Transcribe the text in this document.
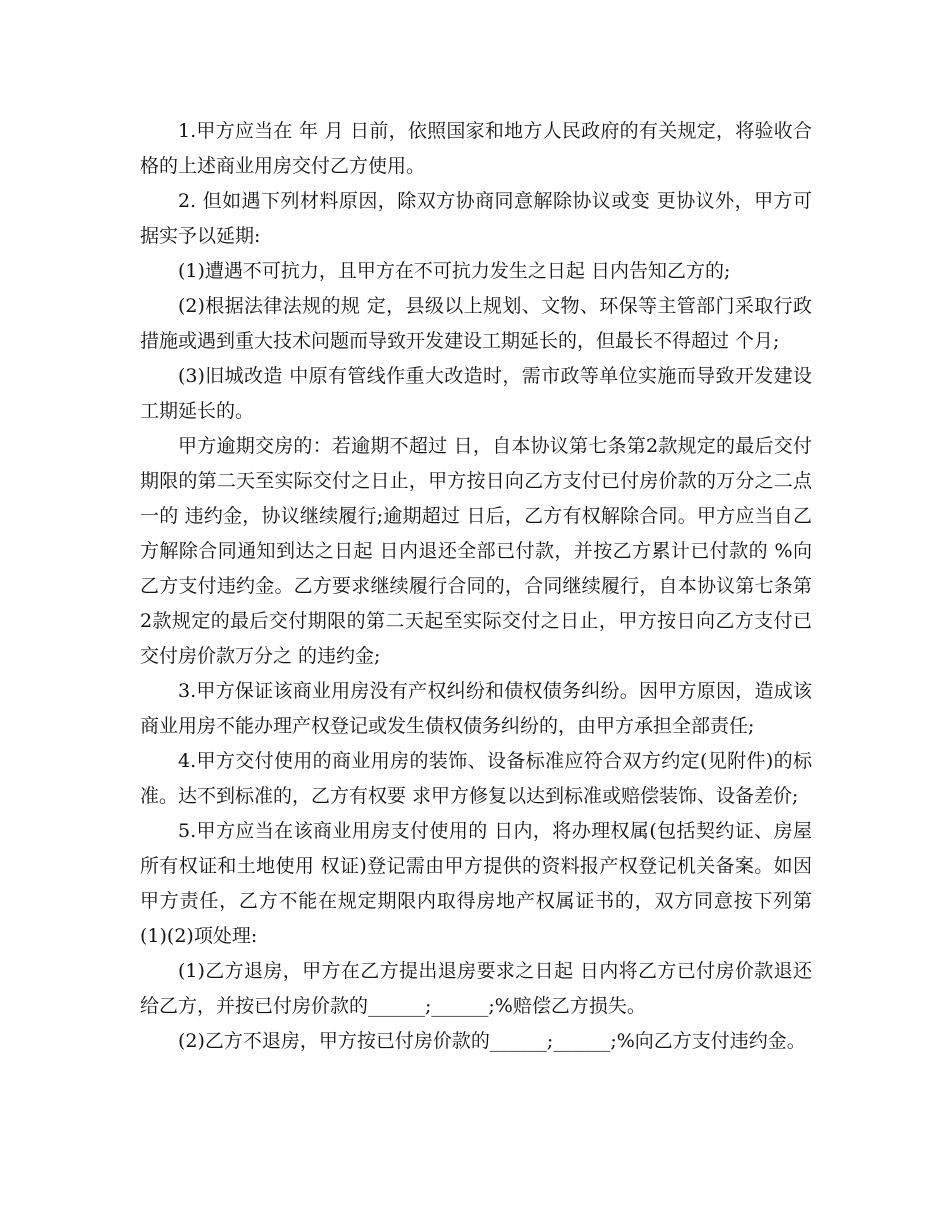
1.甲方应当在 年 月 日前，依照国家和地方人民政府的有关规定，将验收合格的上述商业用房交付乙方使用。

2. 但如遇下列材料原因，除双方协商同意解除协议或变 更协议外，甲方可据实予以延期:

(1)遭遇不可抗力，且甲方在不可抗力发生之日起 日内告知乙方的;

(2)根据法律法规的规 定，县级以上规划、文物、环保等主管部门采取行政措施或遇到重大技术问题而导致开发建设工期延长的，但最长不得超过 个月;

(3)旧城改造 中原有管线作重大改造时，需市政等单位实施而导致开发建设工期延长的。

甲方逾期交房的：若逾期不超过 日，自本协议第七条第2款规定的最后交付期限的第二天至实际交付之日止，甲方按日向乙方支付已付房价款的万分之二点一的 违约金，协议继续履行;逾期超过 日后，乙方有权解除合同。甲方应当自乙方解除合同通知到达之日起 日内退还全部已付款，并按乙方累计已付款的 %向乙方支付违约金。乙方要求继续履行合同的，合同继续履行，自本协议第七条第2款规定的最后交付期限的第二天起至实际交付之日止，甲方按日向乙方支付已 交付房价款万分之 的违约金;

3.甲方保证该商业用房没有产权纠纷和债权债务纠纷。因甲方原因，造成该商业用房不能办理产权登记或发生债权债务纠纷的，由甲方承担全部责任;

4.甲方交付使用的商业用房的装饰、设备标准应符合双方约定(见附件)的标准。达不到标准的，乙方有权要 求甲方修复以达到标准或赔偿装饰、设备差价;

5.甲方应当在该商业用房支付使用的 日内，将办理权属(包括契约证、房屋所有权证和土地使用 权证)登记需由甲方提供的资料报产权登记机关备案。如因甲方责任，乙方不能在规定期限内取得房地产权属证书的，双方同意按下列第(1)(2)项处理:

(1)乙方退房，甲方在乙方提出退房要求之日起 日内将乙方已付房价款退还给乙方，并按已付房价款的______;______;%赔偿乙方损失。

(2)乙方不退房，甲方按已付房价款的______;______;%向乙方支付违约金。
